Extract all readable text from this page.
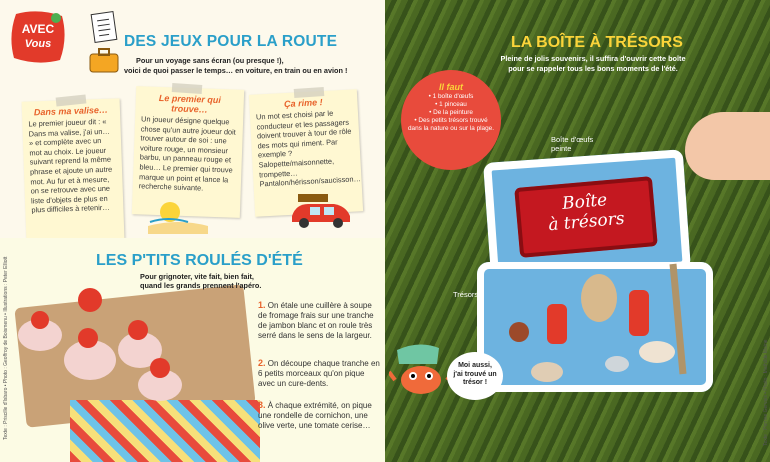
AVEC
Vous	DES JEUX POUR LA ROUTE
Pour un voyage sans écran (ou presque !),
voici de quoi passer le temps… en voiture, en train ou en avion !
Dans ma valise…
Le premier joueur dit : « Dans ma valise, j'ai un… » et complète avec un mot au choix. Le joueur suivant reprend la même phrase et ajoute un autre mot. Au fur et à mesure, on se retrouve avec une liste d'objets de plus en plus difficiles à retenir…
Le premier qui trouve…
Un joueur désigne quelque chose qu'un autre joueur doit trouver autour de soi : une voiture rouge, un monsieur barbu, un panneau rouge et bleu… Le premier qui trouve marque un point et lance la recherche suivante.
Ça rime !
Un mot est choisi par le conducteur et les passagers doivent trouver à tour de rôle des mots qui riment. Par exemple ? Salopette/maisonnette, trompette… Pantalon/hérisson/saucisson…
LES P'TITS ROULÉS D'ÉTÉ
Pour grignoter, vite fait, bien fait, quand les grands prennent l'apéro.
1. On étale une cuillère à soupe de fromage frais sur une tranche de jambon blanc et on roule très serré dans le sens de la largeur.
2. On découpe chaque tranche en 6 petits morceaux qu'on pique avec un cure-dents.
3. À chaque extrémité, on pique une rondelle de cornichon, une olive verte, une tomate cerise…
Texte : Priscille d'Isbaro • Photo : Geoffroy de Boismenu • Illustrations : Peter Elliott
Boîte
à trésors
LA BOÎTE À TRÉSORS
Pleine de jolis souvenirs, il suffira d'ouvrir cette boîte pour se rappeler tous les bons moments de l'été.
Il faut
• 1 boîte d'œufs
• 1 pinceau
• De la peinture
• Des petits trésors trouvé dans la nature ou sur la plage.
Boîte d'œufs peinte
Trésors
Moi aussi, j'ai trouvé un trésor !	Texte : Perrine Gervais • Photo : Mathilde Moine
